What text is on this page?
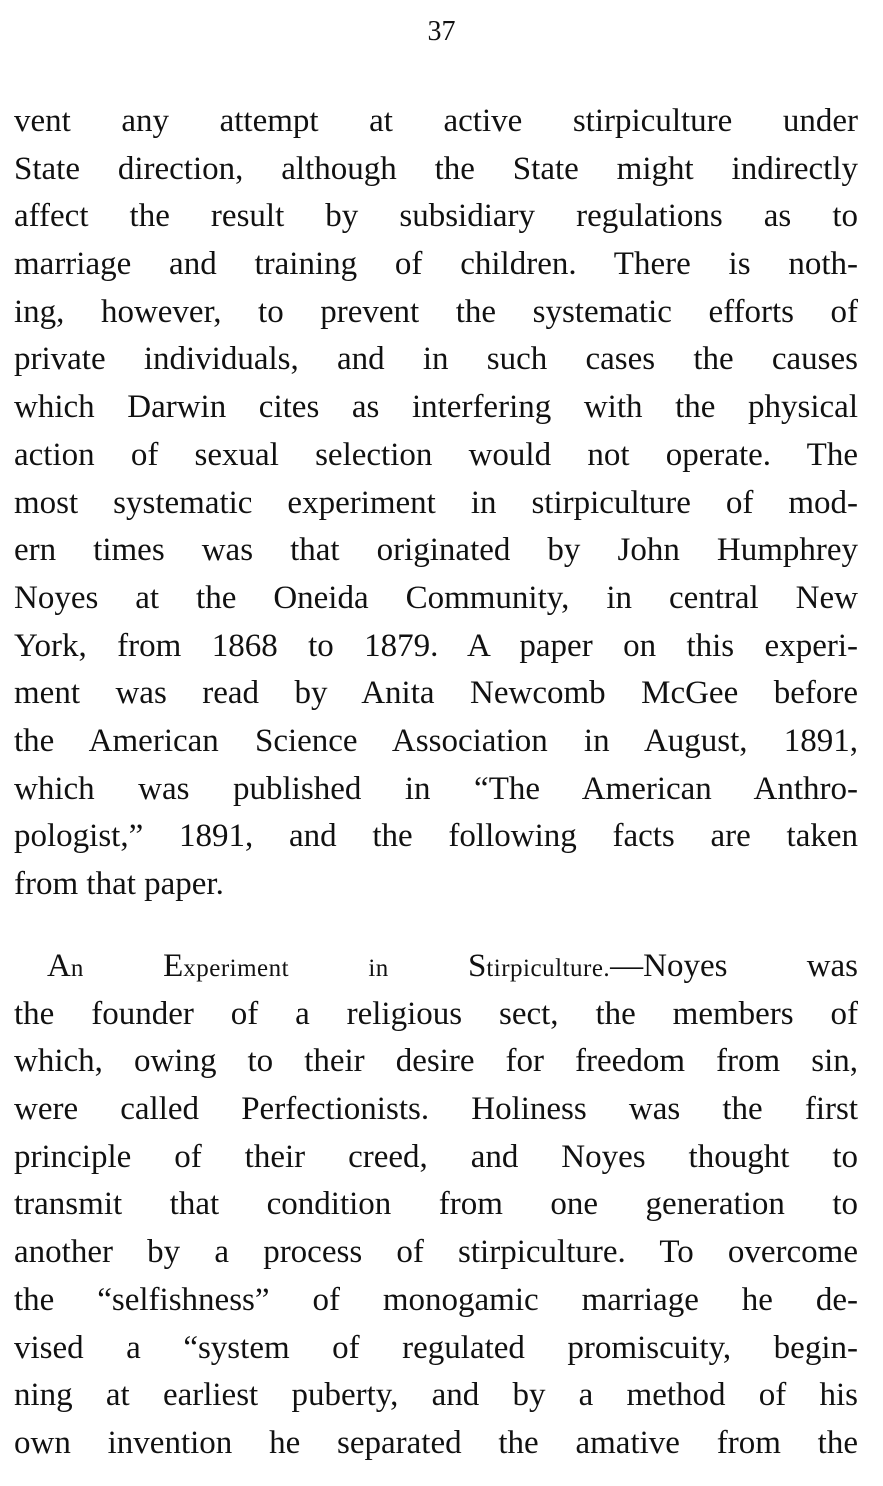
37
vent any attempt at active stirpiculture under
State direction, although the State might indirectly
affect the result by subsidiary regulations as to
marriage and training of children. There is noth-
ing, however, to prevent the systematic efforts of
private individuals, and in such cases the causes
which Darwin cites as interfering with the physical
action of sexual selection would not operate. The
most systematic experiment in stirpiculture of mod-
ern times was that originated by John Humphrey
Noyes at the Oneida Community, in central New
York, from 1868 to 1879. A paper on this experi-
ment was read by Anita Newcomb McGee before
the American Science Association in August, 1891,
which was published in “The American Anthro-
pologist,” 1891, and the following facts are taken
from that paper.
An Experiment	in Stirpiculture.—Noyes was
the founder of a religious sect, the members of
which, owing to their desire for freedom from sin,
were called Perfectionists. Holiness was the first
principle of their creed, and Noyes thought to
transmit that condition from one generation to
another by a process of stirpiculture. To overcome
the “selfishness” of monogamic marriage he de-
vised a “system of regulated promiscuity, begin-
ning at earliest puberty, and by a method of his
own invention he separated the amative from the
